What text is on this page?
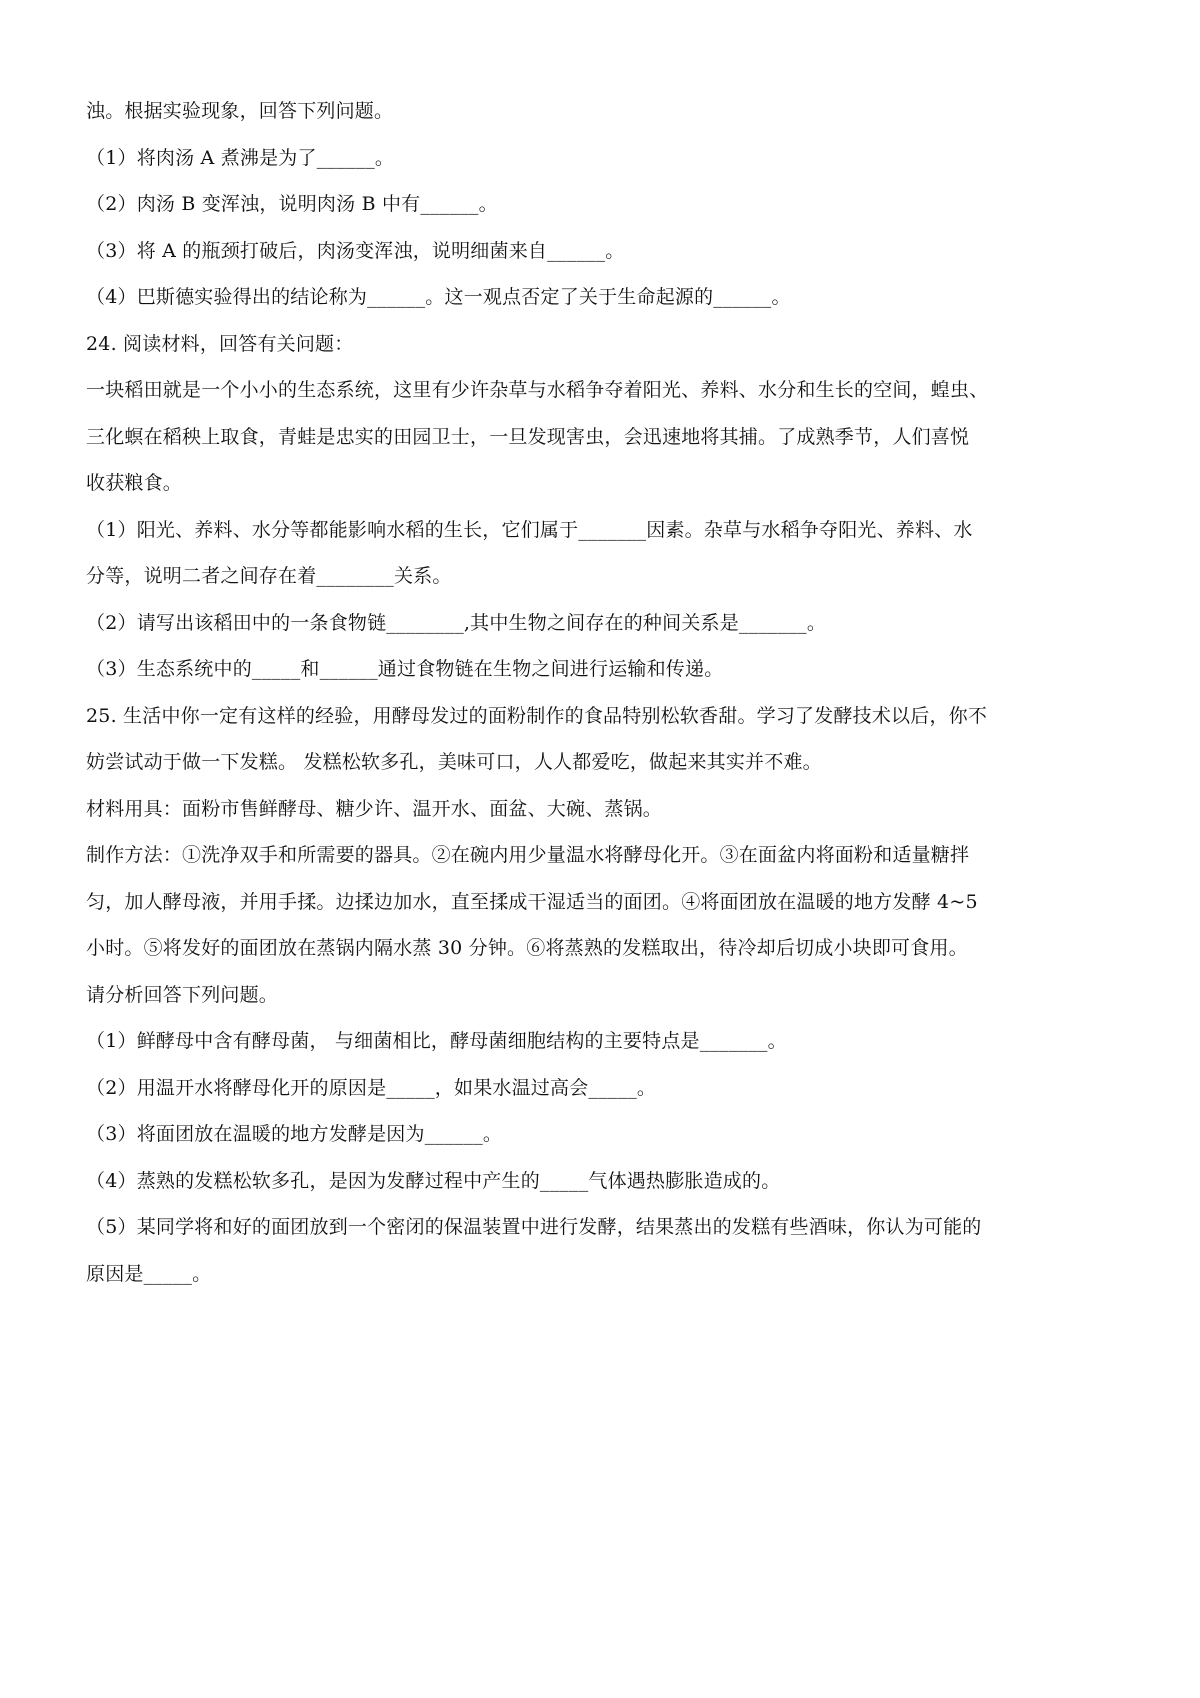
浊。根据实验现象，回答下列问题。
（1）将肉汤 A 煮沸是为了______。
（2）肉汤 B 变浑浊，说明肉汤 B 中有______。
（3）将 A 的瓶颈打破后，肉汤变浑浊，说明细菌来自______。
（4）巴斯德实验得出的结论称为______。这一观点否定了关于生命起源的______。
24. 阅读材料，回答有关问题：
一块稻田就是一个小小的生态系统，这里有少许杂草与水稻争夺着阳光、养料、水分和生长的空间，蝗虫、
三化螟在稻秧上取食，青蛙是忠实的田园卫士，一旦发现害虫，会迅速地将其捕。了成熟季节，人们喜悦
收获粮食。
（1）阳光、养料、水分等都能影响水稻的生长，它们属于_______因素。杂草与水稻争夺阳光、养料、水
分等，说明二者之间存在着________关系。
（2）请写出该稻田中的一条食物链________,其中生物之间存在的种间关系是_______。
（3）生态系统中的_____和______通过食物链在生物之间进行运输和传递。
25. 生活中你一定有这样的经验，用酵母发过的面粉制作的食品特别松软香甜。学习了发酵技术以后，你不
妨尝试动于做一下发糕。 发糕松软多孔，美味可口，人人都爱吃，做起来其实并不难。
材料用具：面粉市售鲜酵母、糖少许、温开水、面盆、大碗、蒸锅。
制作方法：①洗净双手和所需要的器具。②在碗内用少量温水将酵母化开。③在面盆内将面粉和适量糖拌
匀，加人酵母液，并用手揉。边揉边加水，直至揉成干湿适当的面团。④将面团放在温暖的地方发酵 4~5
小时。⑤将发好的面团放在蒸锅内隔水蒸 30 分钟。⑥将蒸熟的发糕取出，待冷却后切成小块即可食用。
请分析回答下列问题。
（1）鲜酵母中含有酵母菌， 与细菌相比，酵母菌细胞结构的主要特点是_______。
（2）用温开水将酵母化开的原因是_____，如果水温过高会_____。
（3）将面团放在温暖的地方发酵是因为______。
（4）蒸熟的发糕松软多孔，是因为发酵过程中产生的_____气体遇热膨胀造成的。
（5）某同学将和好的面团放到一个密闭的保温装置中进行发酵，结果蒸出的发糕有些酒味，你认为可能的
原因是_____。
